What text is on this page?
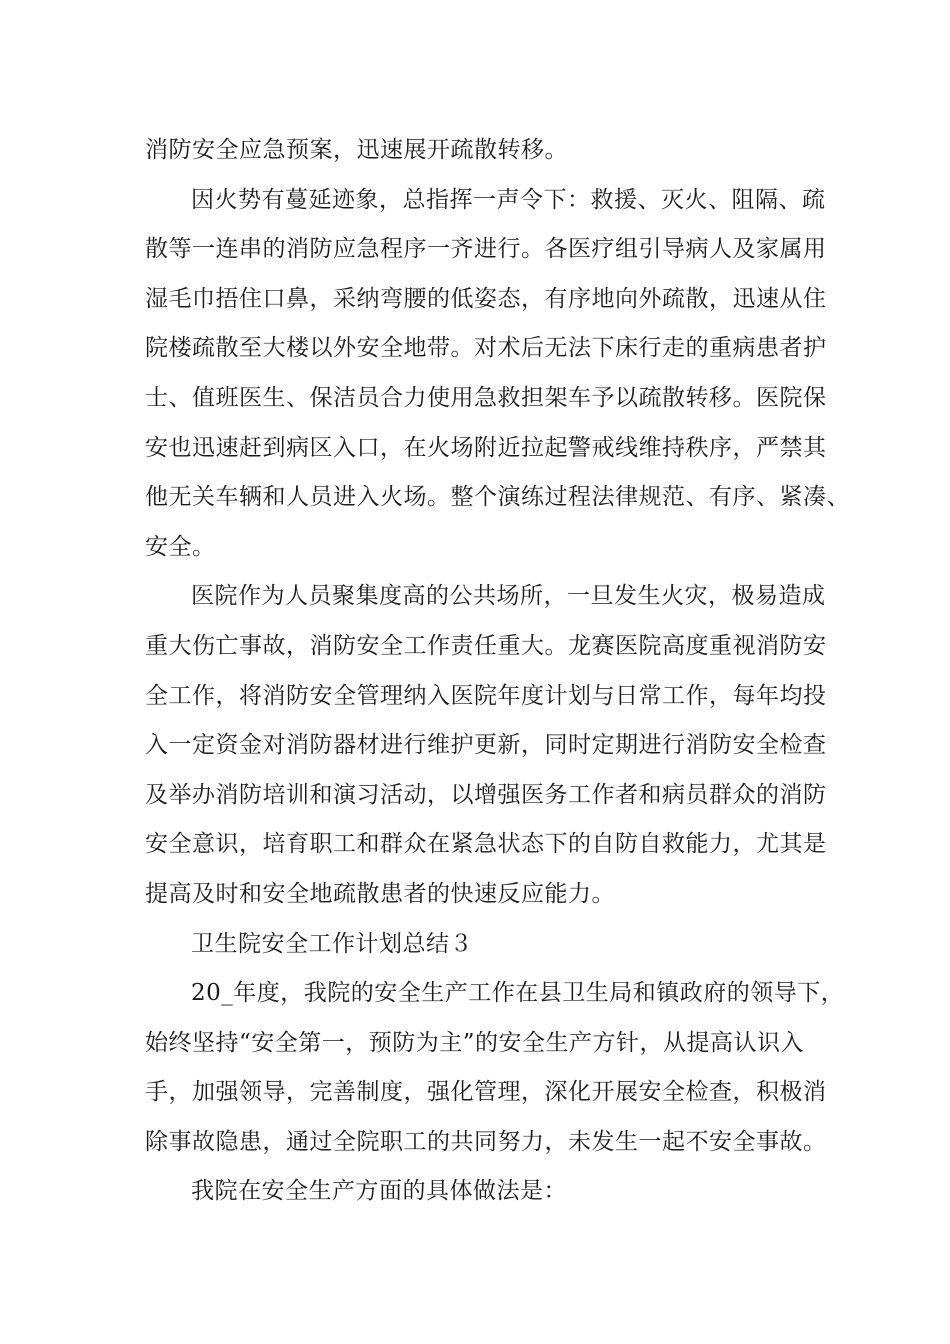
消防安全应急预案，迅速展开疏散转移。
因火势有蔓延迹象，总指挥一声令下：救援、灭火、阻隔、疏
散等一连串的消防应急程序一齐进行。各医疗组引导病人及家属用
湿毛巾捂住口鼻，采纳弯腰的低姿态，有序地向外疏散，迅速从住
院楼疏散至大楼以外安全地带。对术后无法下床行走的重病患者护
士、值班医生、保洁员合力使用急救担架车予以疏散转移。医院保
安也迅速赶到病区入口，在火场附近拉起警戒线维持秩序，严禁其
他无关车辆和人员进入火场。整个演练过程法律规范、有序、紧凑、
安全。
医院作为人员聚集度高的公共场所，一旦发生火灾，极易造成
重大伤亡事故，消防安全工作责任重大。龙赛医院高度重视消防安
全工作，将消防安全管理纳入医院年度计划与日常工作，每年均投
入一定资金对消防器材进行维护更新，同时定期进行消防安全检查
及举办消防培训和演习活动，以增强医务工作者和病员群众的消防
安全意识，培育职工和群众在紧急状态下的自防自救能力，尤其是
提高及时和安全地疏散患者的快速反应能力。
卫生院安全工作计划总结３
20_年度，我院的安全生产工作在县卫生局和镇政府的领导下，
始终坚持“安全第一，预防为主”的安全生产方针，从提高认识入
手，加强领导，完善制度，强化管理，深化开展安全检查，积极消
除事故隐患，通过全院职工的共同努力，未发生一起不安全事故。
我院在安全生产方面的具体做法是：
